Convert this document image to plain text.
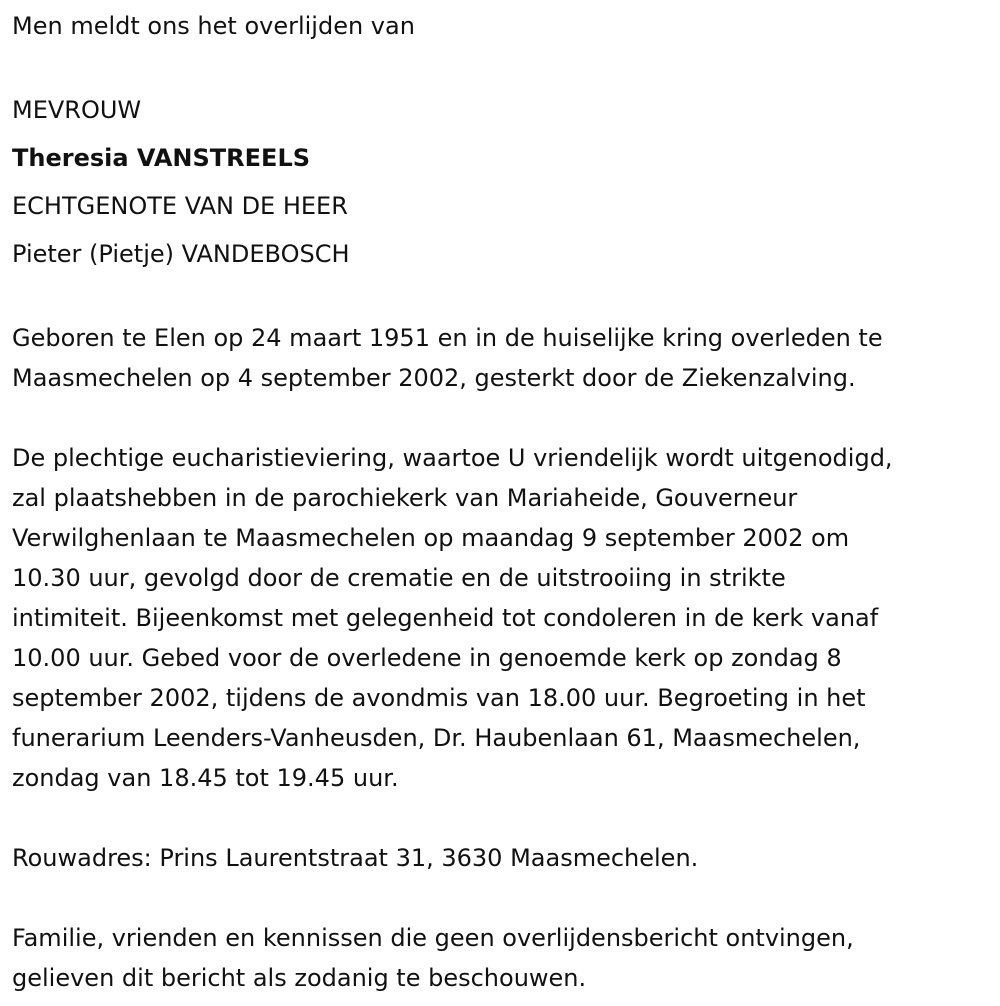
Men meldt ons het overlijden van
MEVROUW
Theresia VANSTREELS
ECHTGENOTE VAN DE HEER
Pieter (Pietje) VANDEBOSCH
Geboren te Elen op 24 maart 1951 en in de huiselijke kring overleden te
Maasmechelen op 4 september 2002, gesterkt door de Ziekenzalving.
De plechtige eucharistieviering, waartoe U vriendelijk wordt uitgenodigd,
zal plaatshebben in de parochiekerk van Mariaheide, Gouverneur
Verwilghenlaan te Maasmechelen op maandag 9 september 2002 om
10.30 uur, gevolgd door de crematie en de uitstrooiing in strikte
intimiteit. Bijeenkomst met gelegenheid tot condoleren in de kerk vanaf
10.00 uur. Gebed voor de overledene in genoemde kerk op zondag 8
september 2002, tijdens de avondmis van 18.00 uur. Begroeting in het
funerarium Leenders-Vanheusden, Dr. Haubenlaan 61, Maasmechelen,
zondag van 18.45 tot 19.45 uur.
Rouwadres: Prins Laurentstraat 31, 3630 Maasmechelen.
Familie, vrienden en kennissen die geen overlijdensbericht ontvingen,
gelieven dit bericht als zodanig te beschouwen.
